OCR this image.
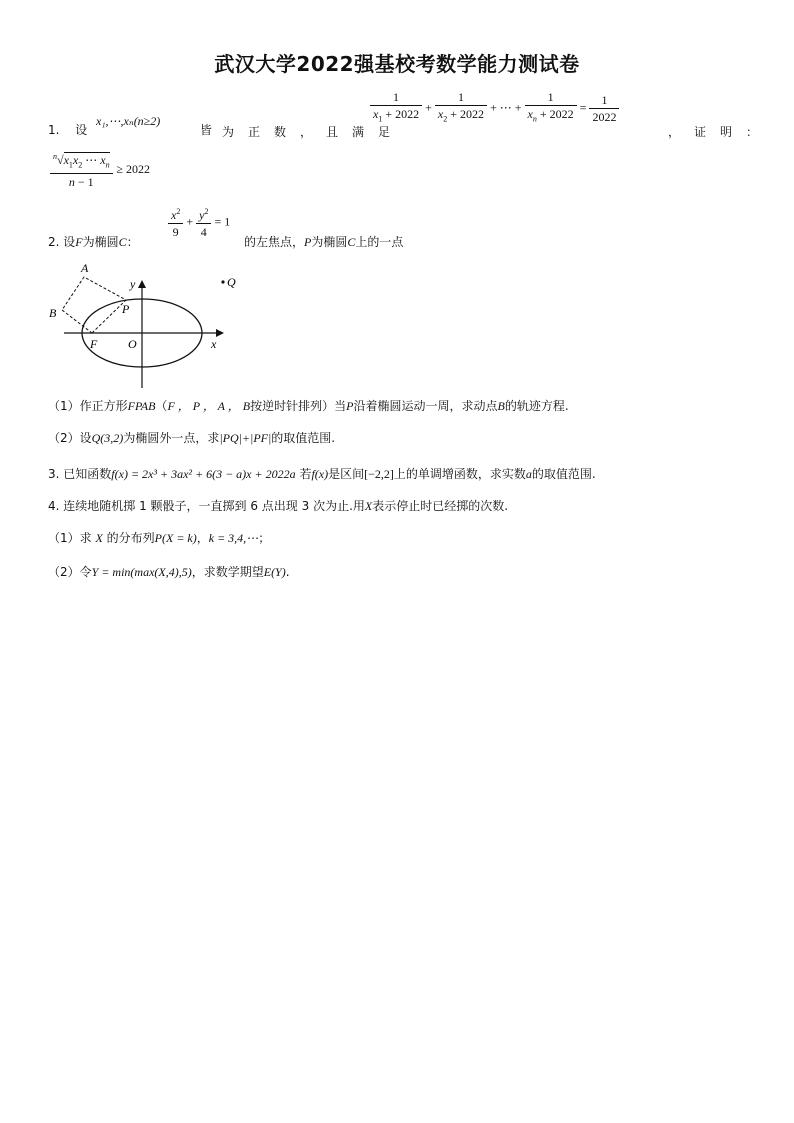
武汉大学2022强基校考数学能力测试卷
1. 设
x₁,⋯,xₙ(n≥2)
皆 为正数，且满足
$\frac{1}{x_1 + 2022} + \frac{1}{x_2 + 2022}$ + ⋯ + $\frac{1}{x_n + 2022} = \frac{1}{2022}$
，证明：
$\frac{^n√x_1x_2 \cdots x_n}{n - 1} \ge 2022$
2. 设F为椭圆C：
$\frac{x^2}{9} + \frac{y^2}{4} = 1$
的左焦点，P为椭圆C上的一点
A
B	P
F	O	x
y	Q
（1）作正方形FPAB（F ， P ， A ， B按逆时针排列）当P沿着椭圆运动一周，求动点B的轨迹方程.
（2）设Q(3,2)为椭圆外一点，求|PQ|+|PF|的取值范围.
3. 已知函数f(x) = 2x³ + 3ax² + 6(3 − a)x + 2022a 若f(x)是区间[−2,2]上的单调增函数，求实数a的取值范围.
4. 连续地随机掷 1 颗骰子，一直掷到 6 点出现 3 次为止.用X表示停止时已经掷的次数.
（1）求 X 的分布列P(X = k)，k = 3,4,⋯；
（2）令Y = min(max(X,4),5)，求数学期望E(Y).
